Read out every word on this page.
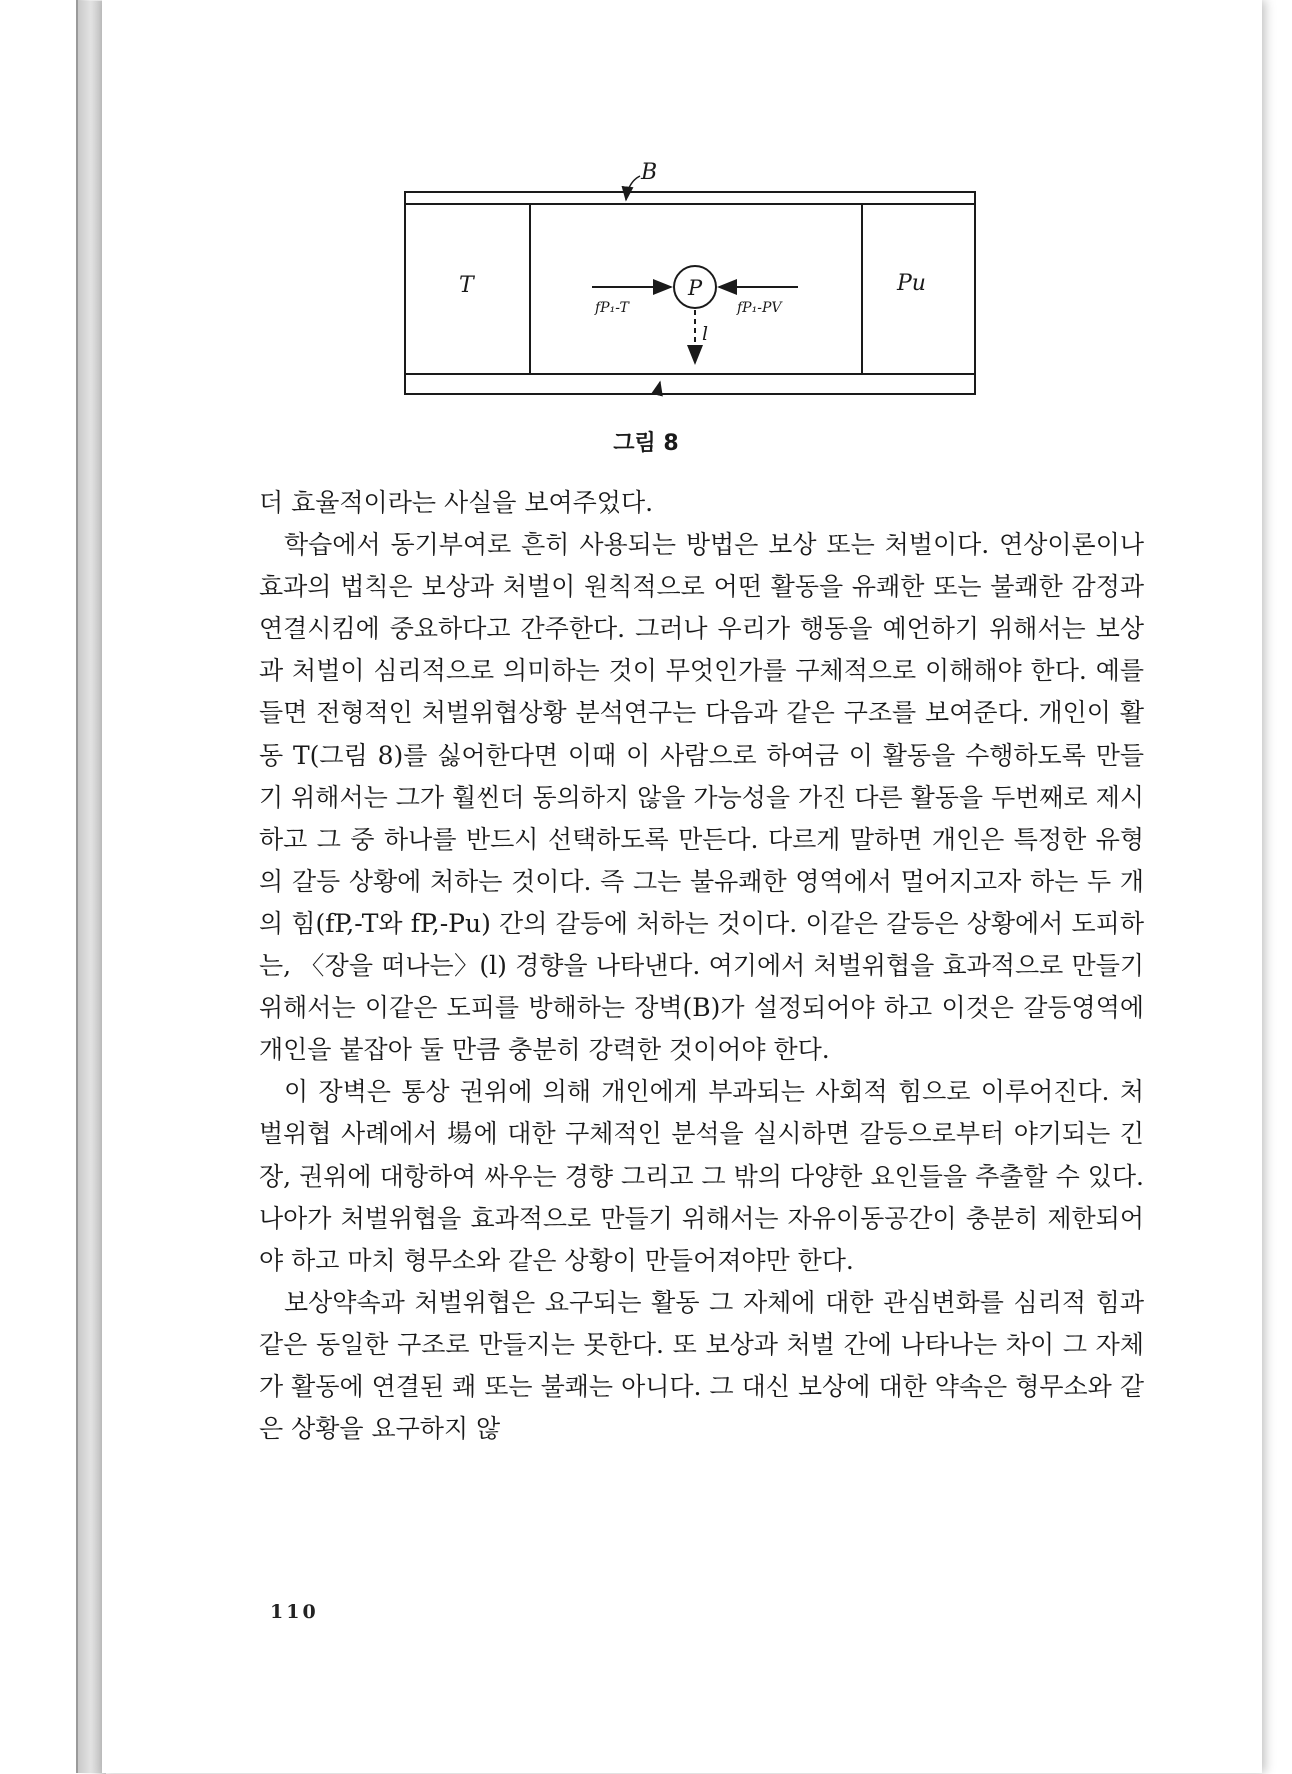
B
T	Pu
P
fP₁-T	fP₁-PV
l
그림 8

더 효율적이라는 사실을 보여주었다.

학습에서 동기부여로 흔히 사용되는 방법은 보상 또는 처벌이다. 연상이론이나 효과의 법칙은 보상과 처벌이 원칙적으로 어떤 활동을 유쾌한 또는 불쾌한 감정과 연결시킴에 중요하다고 간주한다. 그러나 우리가 행동을 예언하기 위해서는 보상과 처벌이 심리적으로 의미하는 것이 무엇인가를 구체적으로 이해해야 한다. 예를 들면 전형적인 처벌위협상황 분석연구는 다음과 같은 구조를 보여준다. 개인이 활동 T(그림 8)를 싫어한다면 이때 이 사람으로 하여금 이 활동을 수행하도록 만들기 위해서는 그가 훨씬더 동의하지 않을 가능성을 가진 다른 활동을 두번째로 제시하고 그 중 하나를 반드시 선택하도록 만든다. 다르게 말하면 개인은 특정한 유형의 갈등 상황에 처하는 것이다. 즉 그는 불유쾌한 영역에서 멀어지고자 하는 두 개의 힘(fP,-T와 fP,-Pu) 간의 갈등에 처하는 것이다. 이같은 갈등은 상황에서 도피하는, 〈장을 떠나는〉(l) 경향을 나타낸다. 여기에서 처벌위협을 효과적으로 만들기 위해서는 이같은 도피를 방해하는 장벽(B)가 설정되어야 하고 이것은 갈등영역에 개인을 붙잡아 둘 만큼 충분히 강력한 것이어야 한다.

이 장벽은 통상 권위에 의해 개인에게 부과되는 사회적 힘으로 이루어진다. 처벌위협 사례에서 場에 대한 구체적인 분석을 실시하면 갈등으로부터 야기되는 긴장, 권위에 대항하여 싸우는 경향 그리고 그 밖의 다양한 요인들을 추출할 수 있다. 나아가 처벌위협을 효과적으로 만들기 위해서는 자유이동공간이 충분히 제한되어야 하고 마치 형무소와 같은 상황이 만들어져야만 한다.

보상약속과 처벌위협은 요구되는 활동 그 자체에 대한 관심변화를 심리적 힘과 같은 동일한 구조로 만들지는 못한다. 또 보상과 처벌 간에 나타나는 차이 그 자체가 활동에 연결된 쾌 또는 불쾌는 아니다. 그 대신 보상에 대한 약속은 형무소와 같은 상황을 요구하지 않

110
